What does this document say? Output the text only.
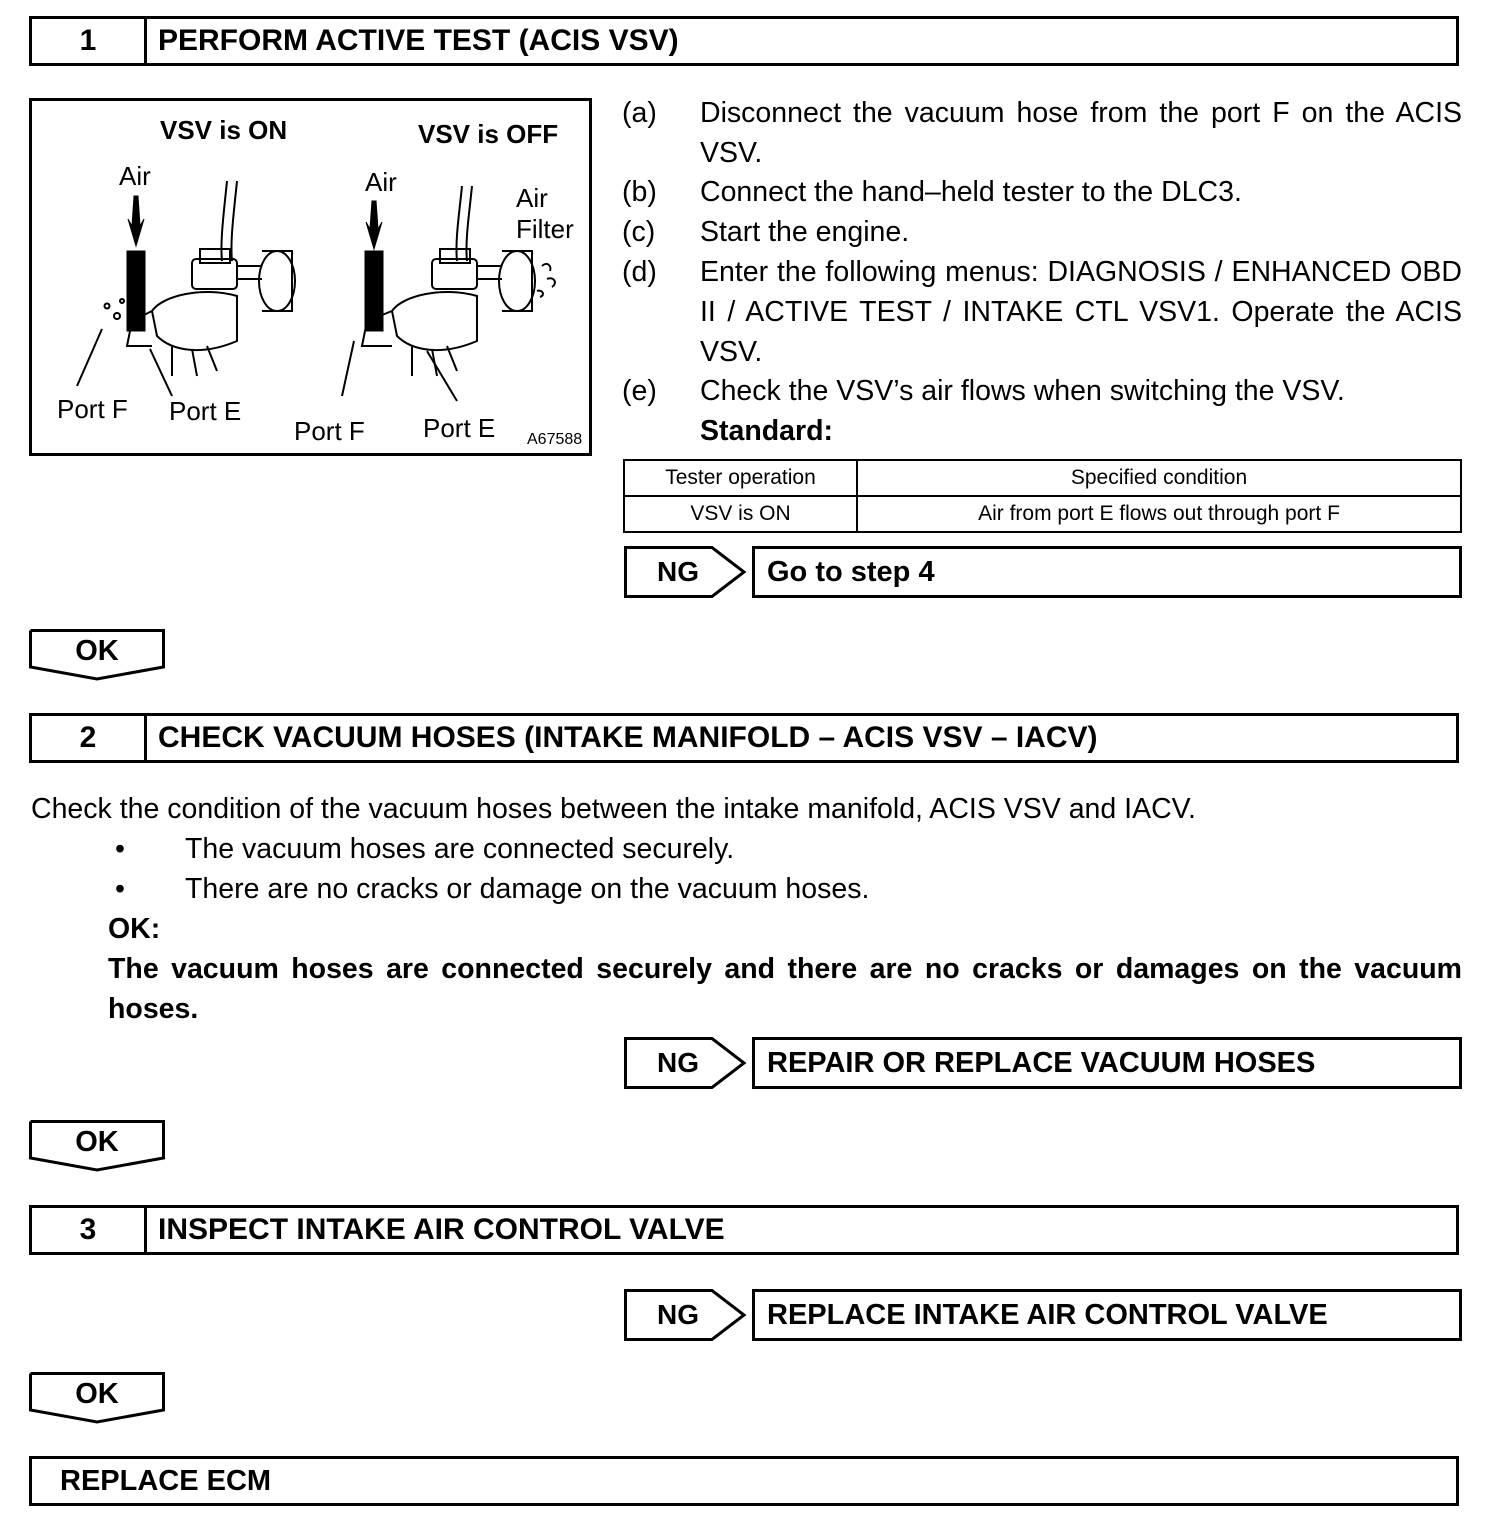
1	PERFORM ACTIVE TEST (ACIS VSV)
VSV is ON	VSV is OFF
Air	Air
Air
Filter
Port F Port E
Port F Port E A67588
(a) Disconnect the vacuum hose from the port F on the ACIS VSV.
(b) Connect the hand–held tester to the DLC3.
(c) Start the engine.
(d) Enter the following menus: DIAGNOSIS / ENHANCED OBD II / ACTIVE TEST / INTAKE CTL VSV1. Operate the ACIS VSV.
(e) Check the VSV’s air flows when switching the VSV.
Standard:
Tester operation	Specified condition
VSV is ON	Air from port E flows out through port F
NG	Go to step 4
OK
2	CHECK VACUUM HOSES (INTAKE MANIFOLD – ACIS VSV – IACV)
Check the condition of the vacuum hoses between the intake manifold, ACIS VSV and IACV.
• The vacuum hoses are connected securely.
• There are no cracks or damage on the vacuum hoses.
OK:
The vacuum hoses are connected securely and there are no cracks or damages on the vacuum hoses.
NG	REPAIR OR REPLACE VACUUM HOSES
OK
3	INSPECT INTAKE AIR CONTROL VALVE
NG	REPLACE INTAKE AIR CONTROL VALVE
OK
REPLACE ECM
